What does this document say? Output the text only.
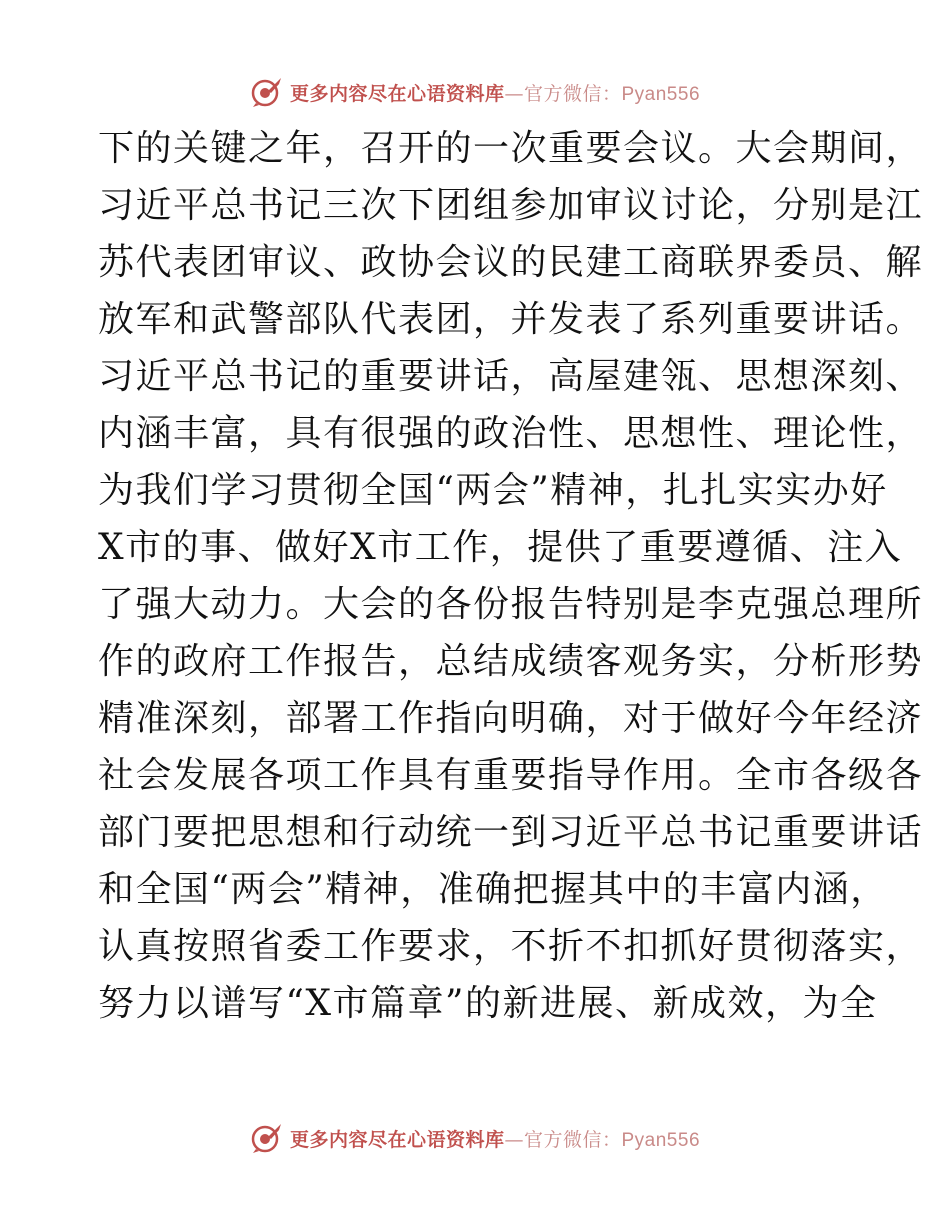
更多内容尽在心语资料库—官方微信：Pyan556
下的关键之年，召开的一次重要会议。大会期间，
习近平总书记三次下团组参加审议讨论，分别是江
苏代表团审议、政协会议的民建工商联界委员、解
放军和武警部队代表团，并发表了系列重要讲话。
习近平总书记的重要讲话，高屋建瓴、思想深刻、
内涵丰富，具有很强的政治性、思想性、理论性，
为我们学习贯彻全国“两会”精神，扎扎实实办好
X市的事、做好X市工作，提供了重要遵循、注入
了强大动力。大会的各份报告特别是李克强总理所
作的政府工作报告，总结成绩客观务实，分析形势
精准深刻，部署工作指向明确，对于做好今年经济
社会发展各项工作具有重要指导作用。全市各级各
部门要把思想和行动统一到习近平总书记重要讲话
和全国“两会”精神，准确把握其中的丰富内涵，
认真按照省委工作要求，不折不扣抓好贯彻落实，
努力以谱写“X市篇章”的新进展、新成效，为全
更多内容尽在心语资料库—官方微信：Pyan556
